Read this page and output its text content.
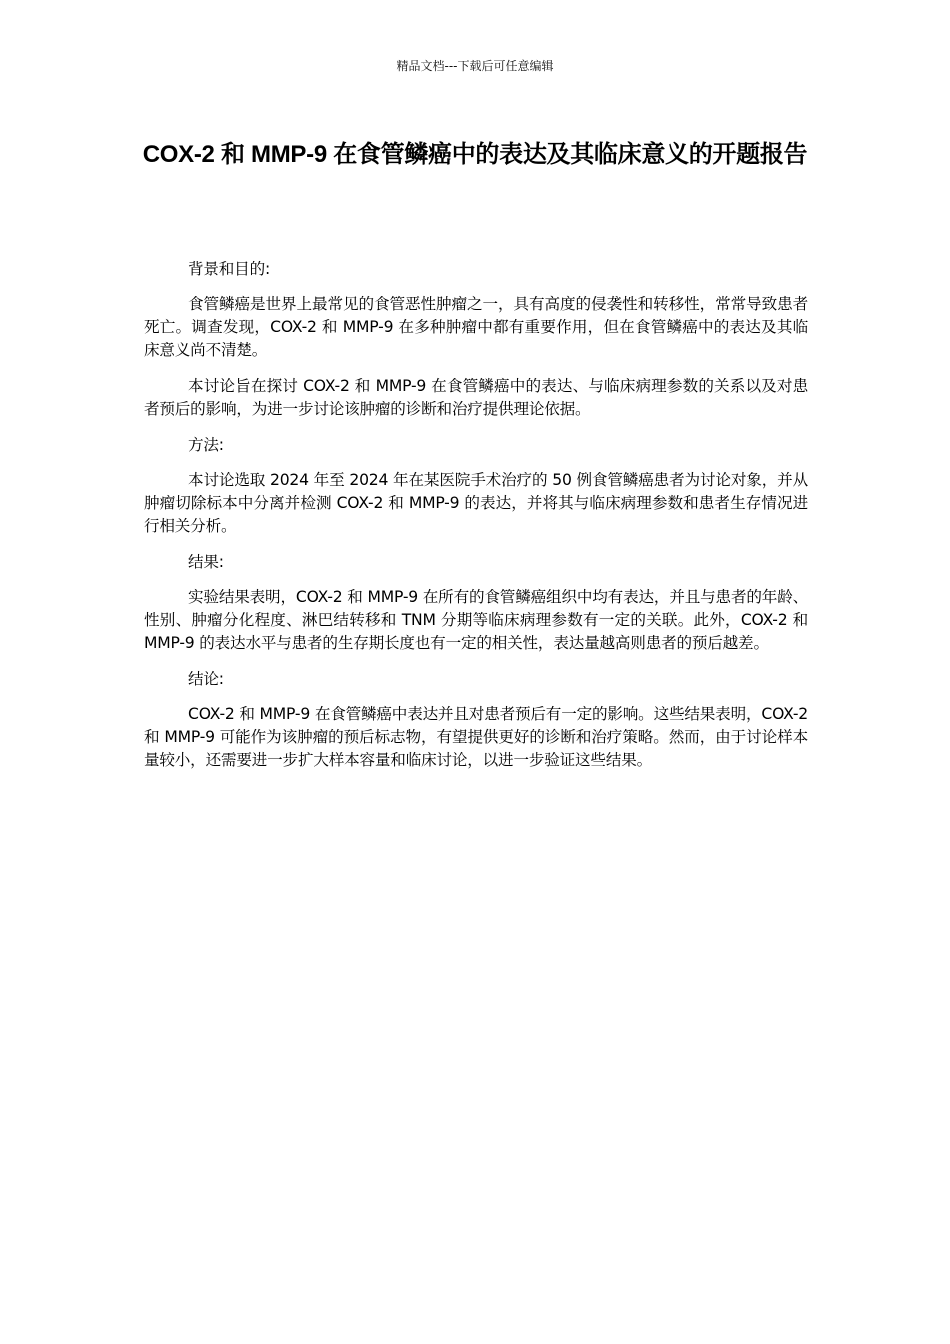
精品文档---下载后可任意编辑
COX-2 和 MMP-9 在食管鳞癌中的表达及其临床意义的开题报告

背景和目的:

食管鳞癌是世界上最常见的食管恶性肿瘤之一，具有高度的侵袭性和转移性，常常导致患者死亡。调查发现，COX-2 和 MMP-9 在多种肿瘤中都有重要作用，但在食管鳞癌中的表达及其临床意义尚不清楚。

本讨论旨在探讨 COX-2 和 MMP-9 在食管鳞癌中的表达、与临床病理参数的关系以及对患者预后的影响，为进一步讨论该肿瘤的诊断和治疗提供理论依据。

方法:

本讨论选取 2024 年至 2024 年在某医院手术治疗的 50 例食管鳞癌患者为讨论对象，并从肿瘤切除标本中分离并检测 COX-2 和 MMP-9 的表达，并将其与临床病理参数和患者生存情况进行相关分析。

结果:

实验结果表明，COX-2 和 MMP-9 在所有的食管鳞癌组织中均有表达，并且与患者的年龄、性别、肿瘤分化程度、淋巴结转移和 TNM 分期等临床病理参数有一定的关联。此外，COX-2 和 MMP-9 的表达水平与患者的生存期长度也有一定的相关性，表达量越高则患者的预后越差。

结论:

COX-2 和 MMP-9 在食管鳞癌中表达并且对患者预后有一定的影响。这些结果表明，COX-2 和 MMP-9 可能作为该肿瘤的预后标志物，有望提供更好的诊断和治疗策略。然而，由于讨论样本量较小，还需要进一步扩大样本容量和临床讨论，以进一步验证这些结果。
